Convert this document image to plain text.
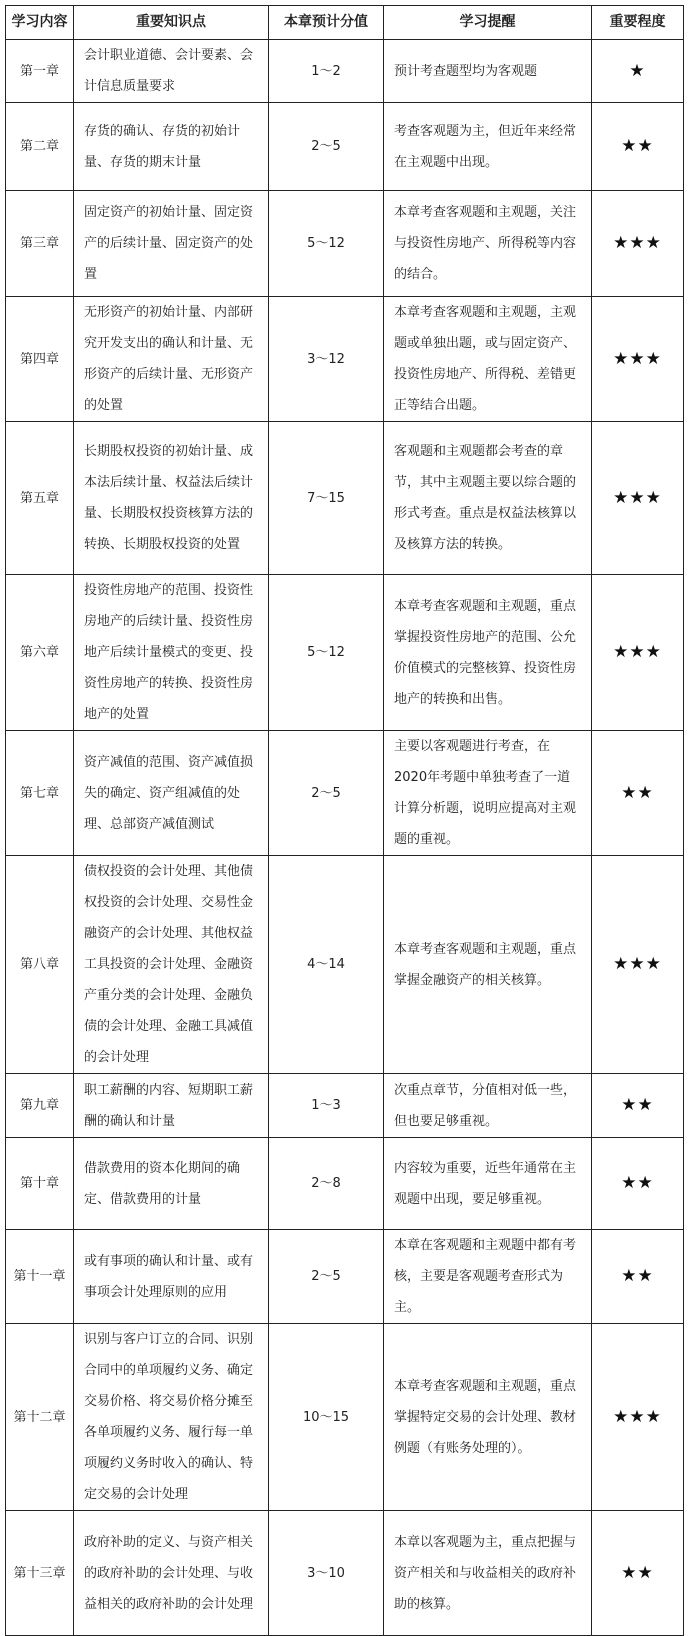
学习内容	重要知识点	本章预计分值	学习提醒	重要程度
第一章	会计职业道德、会计要素、会计信息质量要求	1～2	预计考查题型均为客观题	★
第二章	存货的确认、存货的初始计量、存货的期末计量	2～5	考查客观题为主，但近年来经常在主观题中出现。	★★
第三章	固定资产的初始计量、固定资产的后续计量、固定资产的处置	5～12	本章考查客观题和主观题，关注与投资性房地产、所得税等内容的结合。	★★★
第四章	无形资产的初始计量、内部研究开发支出的确认和计量、无形资产的后续计量、无形资产的处置	3～12	本章考查客观题和主观题，主观题或单独出题，或与固定资产、投资性房地产、所得税、差错更正等结合出题。	★★★
第五章	长期股权投资的初始计量、成本法后续计量、权益法后续计量、长期股权投资核算方法的转换、长期股权投资的处置	7～15	客观题和主观题都会考查的章节，其中主观题主要以综合题的形式考查。重点是权益法核算以及核算方法的转换。	★★★
第六章	投资性房地产的范围、投资性房地产的后续计量、投资性房地产后续计量模式的变更、投资性房地产的转换、投资性房地产的处置	5～12	本章考查客观题和主观题，重点掌握投资性房地产的范围、公允价值模式的完整核算、投资性房地产的转换和出售。	★★★
第七章	资产减值的范围、资产减值损失的确定、资产组减值的处理、总部资产减值测试	2～5	主要以客观题进行考查，在2020年考题中单独考查了一道计算分析题，说明应提高对主观题的重视。	★★
第八章	债权投资的会计处理、其他债权投资的会计处理、交易性金融资产的会计处理、其他权益工具投资的会计处理、金融资产重分类的会计处理、金融负债的会计处理、金融工具减值的会计处理	4～14	本章考查客观题和主观题，重点掌握金融资产的相关核算。	★★★
第九章	职工薪酬的内容、短期职工薪酬的确认和计量	1～3	次重点章节，分值相对低一些，但也要足够重视。	★★
第十章	借款费用的资本化期间的确定、借款费用的计量	2～8	内容较为重要，近些年通常在主观题中出现，要足够重视。	★★
第十一章	或有事项的确认和计量、或有事项会计处理原则的应用	2～5	本章在客观题和主观题中都有考核，主要是客观题考查形式为主。	★★
第十二章	识别与客户订立的合同、识别合同中的单项履约义务、确定交易价格、将交易价格分摊至各单项履约义务、履行每一单项履约义务时收入的确认、特定交易的会计处理	10～15	本章考查客观题和主观题，重点掌握特定交易的会计处理、教材例题（有账务处理的）。	★★★
第十三章	政府补助的定义、与资产相关的政府补助的会计处理、与收益相关的政府补助的会计处理	3～10	本章以客观题为主，重点把握与资产相关和与收益相关的政府补助的核算。	★★
